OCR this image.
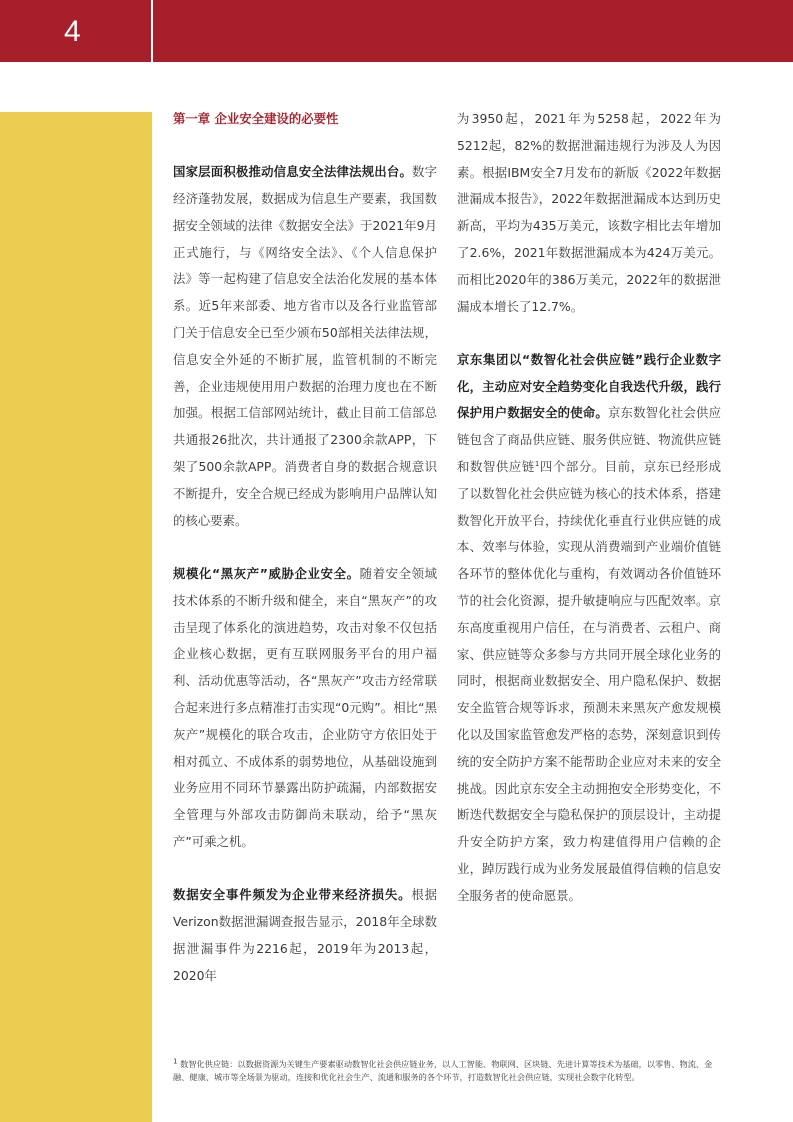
4

第一章 企业安全建设的必要性

国家层面积极推动信息安全法律法规出台。数字经济蓬勃发展，数据成为信息生产要素，我国数据安全领域的法律《数据安全法》于2021年9月正式施行，与《网络安全法》、《个人信息保护法》等一起构建了信息安全法治化发展的基本体系。近5年来部委、地方省市以及各行业监管部门关于信息安全已至少颁布50部相关法律法规，信息安全外延的不断扩展，监管机制的不断完善，企业违规使用用户数据的治理力度也在不断加强。根据工信部网站统计，截止目前工信部总共通报26批次，共计通报了2300余款APP，下架了500余款APP。消费者自身的数据合规意识不断提升，安全合规已经成为影响用户品牌认知的核心要素。

规模化“黑灰产”威胁企业安全。随着安全领域技术体系的不断升级和健全，来自“黑灰产”的攻击呈现了体系化的演进趋势，攻击对象不仅包括企业核心数据，更有互联网服务平台的用户福利、活动优惠等活动，各“黑灰产”攻击方经常联合起来进行多点精准打击实现“0元购”。相比“黑灰产”规模化的联合攻击，企业防守方依旧处于相对孤立、不成体系的弱势地位，从基础设施到业务应用不同环节暴露出防护疏漏，内部数据安全管理与外部攻击防御尚未联动，给予“黑灰产”可乘之机。

数据安全事件频发为企业带来经济损失。根据Verizon数据泄漏调查报告显示，2018年全球数据泄漏事件为2216起，2019年为2013起，2020年

为3950起，2021年为5258起，2022年为5212起，82%的数据泄漏违规行为涉及人为因素。根据IBM安全7月发布的新版《2022年数据泄漏成本报告》，2022年数据泄漏成本达到历史新高，平均为435万美元，该数字相比去年增加了2.6%，2021年数据泄漏成本为424万美元。而相比2020年的386万美元，2022年的数据泄漏成本增长了12.7%。

京东集团以“数智化社会供应链”践行企业数字化，主动应对安全趋势变化自我迭代升级，践行保护用户数据安全的使命。京东数智化社会供应链包含了商品供应链、服务供应链、物流供应链和数智供应链$^1$四个部分。目前，京东已经形成了以数智化社会供应链为核心的技术体系，搭建数智化开放平台，持续优化垂直行业供应链的成本、效率与体验，实现从消费端到产业端价值链各环节的整体优化与重构，有效调动各价值链环节的社会化资源，提升敏捷响应与匹配效率。京东高度重视用户信任，在与消费者、云租户、商家、供应链等众多参与方共同开展全球化业务的同时，根据商业数据安全、用户隐私保护、数据安全监管合规等诉求，预测未来黑灰产愈发规模化以及国家监管愈发严格的态势，深刻意识到传统的安全防护方案不能帮助企业应对未来的安全挑战。因此京东安全主动拥抱安全形势变化，不断迭代数据安全与隐私保护的顶层设计，主动提升安全防护方案，致力构建值得用户信赖的企业，踔厉践行成为业务发展最值得信赖的信息安全服务者的使命愿景。

$^1$ 数智化供应链：以数据资源为关键生产要素驱动数智化社会供应链业务，以人工智能、物联网、区块链、先进计算等技术为基础，以零售、物流、金融、健康、城市等全场景为驱动，连接和优化社会生产、流通和服务的各个环节，打造数智化社会供应链，实现社会数字化转型。
